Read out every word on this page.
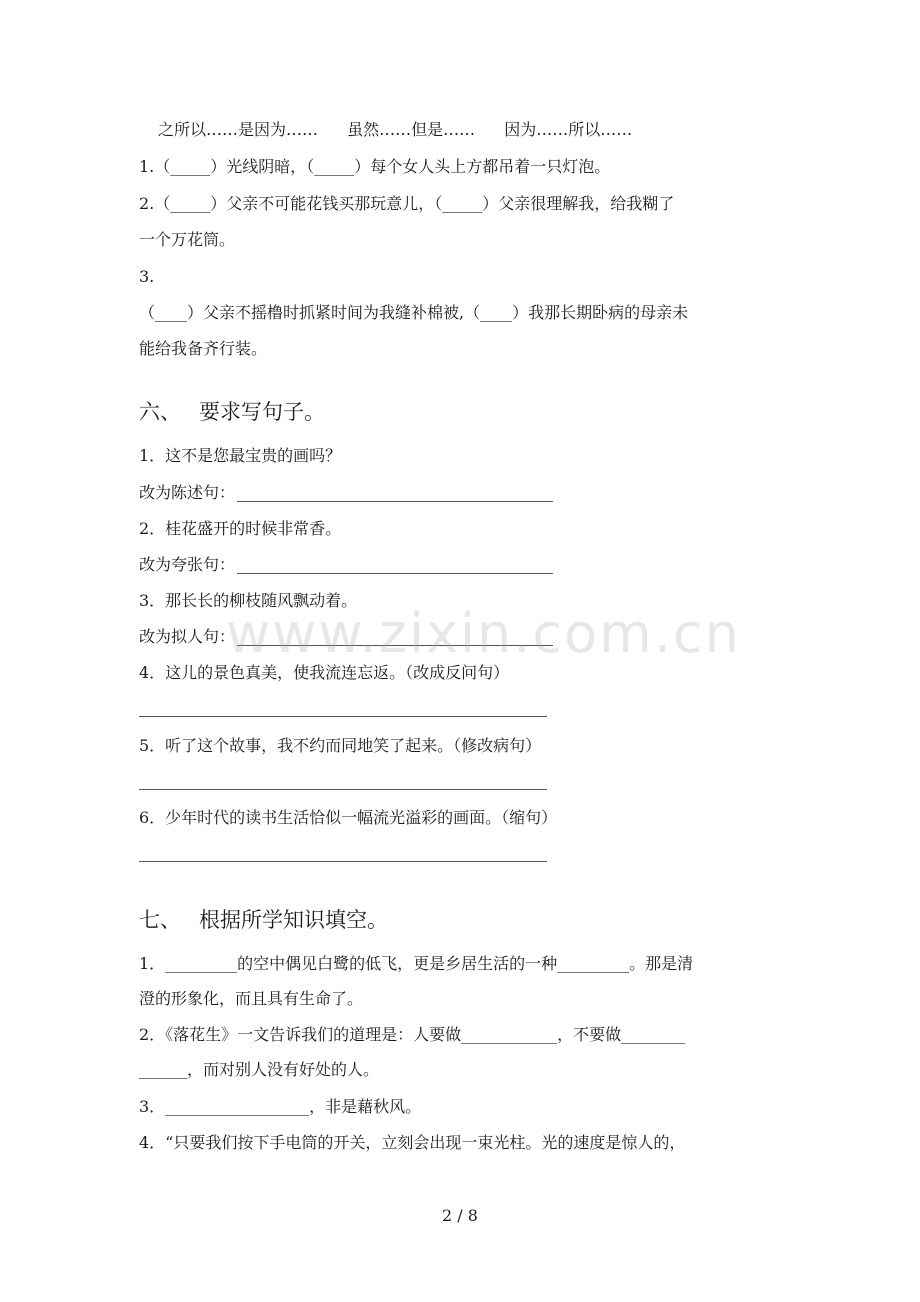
之所以……是因为…… 虽然……但是…… 因为……所以……
1.（_____）光线阴暗，（_____）每个女人头上方都吊着一只灯泡。
2.（_____）父亲不可能花钱买那玩意儿，（_____）父亲很理解我，给我糊了
一个万花筒。
3.
（____）父亲不摇橹时抓紧时间为我缝补棉被,（____）我那长期卧病的母亲未
能给我备齐行装。
六、 要求写句子。
1．这不是您最宝贵的画吗？
改为陈述句：
2．桂花盛开的时候非常香。
改为夸张句：
3．那长长的柳枝随风飘动着。
改为拟人句：
4．这儿的景色真美，使我流连忘返。（改成反问句）
5．听了这个故事，我不约而同地笑了起来。（修改病句）
6．少年时代的读书生活恰似一幅流光溢彩的画面。（缩句）
七、 根据所学知识填空。
1．_________的空中偶见白鹭的低飞，更是乡居生活的一种_________。那是清
澄的形象化，而且具有生命了。
2．《落花生》一文告诉我们的道理是：人要做____________，不要做________
______，而对别人没有好处的人。
3．__________________，非是藉秋风。
4．“只要我们按下手电筒的开关，立刻会出现一束光柱。光的速度是惊人的，
www.zixin.com.cn
2 / 8
